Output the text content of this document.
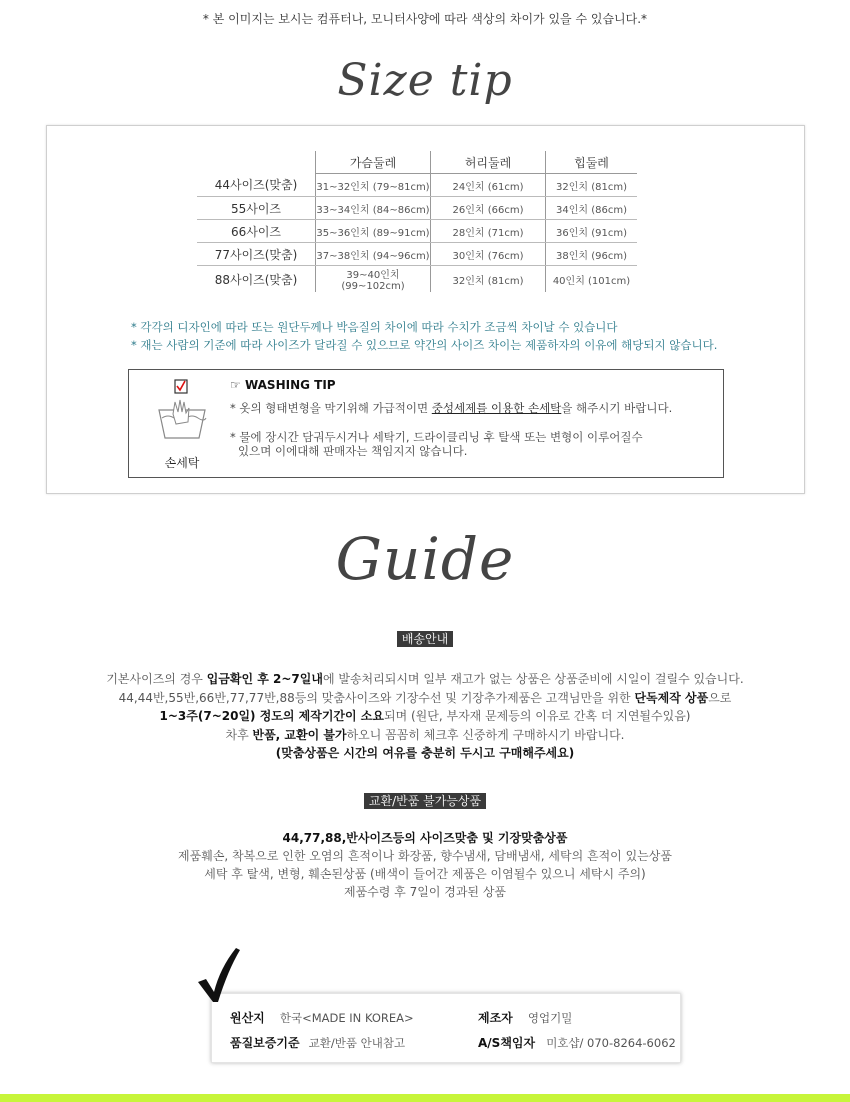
* 본 이미지는 보시는 컴퓨터나, 모니터사양에 따라 색상의 차이가 있을 수 있습니다.*
Size tip
	가슴둘레	허리둘레	힙둘레
44사이즈(맞춤)	31~32인치 (79~81cm)	24인치 (61cm)	32인치 (81cm)
55사이즈	33~34인치 (84~86cm)	26인치 (66cm)	34인치 (86cm)
66사이즈	35~36인치 (89~91cm)	28인치 (71cm)	36인치 (91cm)
77사이즈(맞춤)	37~38인치 (94~96cm)	30인치 (76cm)	38인치 (96cm)
88사이즈(맞춤)	39~40인치 (99~102cm)	32인치 (81cm)	40인치 (101cm)
* 각각의 디자인에 따라 또는 원단두께나 박음질의 차이에 따라 수치가 조금씩 차이날 수 있습니다
* 재는 사람의 기준에 따라 사이즈가 달라질 수 있으므로 약간의 사이즈 차이는 제품하자의 이유에 해당되지 않습니다.
손세탁
☞ WASHING TIP
* 옷의 형태변형을 막기위해 가급적이면 중성세제를 이용한 손세탁을 해주시기 바랍니다.
* 물에 장시간 담궈두시거나 세탁기, 드라이클리닝 후 탈색 또는 변형이 이루어질수
있으며 이에대해 판매자는 책임지지 않습니다.
Guide
배송안내
기본사이즈의 경우 입금확인 후 2~7일내에 발송처리되시며 일부 재고가 없는 상품은 상품준비에 시일이 걸릴수 있습니다.
44,44반,55반,66반,77,77반,88등의 맞춤사이즈와 기장수선 및 기장추가제품은 고객님만을 위한 단독제작 상품으로
1~3주(7~20일) 정도의 제작기간이 소요되며 (원단, 부자재 문제등의 이유로 간혹 더 지연될수있음)
차후 반품, 교환이 불가하오니 꼼꼼히 체크후 신중하게 구매하시기 바랍니다.
(맞춤상품은 시간의 여유를 충분히 두시고 구매해주세요)
교환/반품 불가능상품
44,77,88,반사이즈등의 사이즈맞춤 및 기장맞춤상품
제품훼손, 착복으로 인한 오염의 흔적이나 화장품, 향수냄새, 담배냄새, 세탁의 흔적이 있는상품
세탁 후 탈색, 변형, 훼손된상품 (배색이 들어간 제품은 이염될수 있으니 세탁시 주의)
제품수령 후 7일이 경과된 상품
원산지 한국<MADE IN KOREA>	제조자 영업기밀
품질보증기준 교환/반품 안내참고	A/S책임자 미호샵/ 070-8264-6062
